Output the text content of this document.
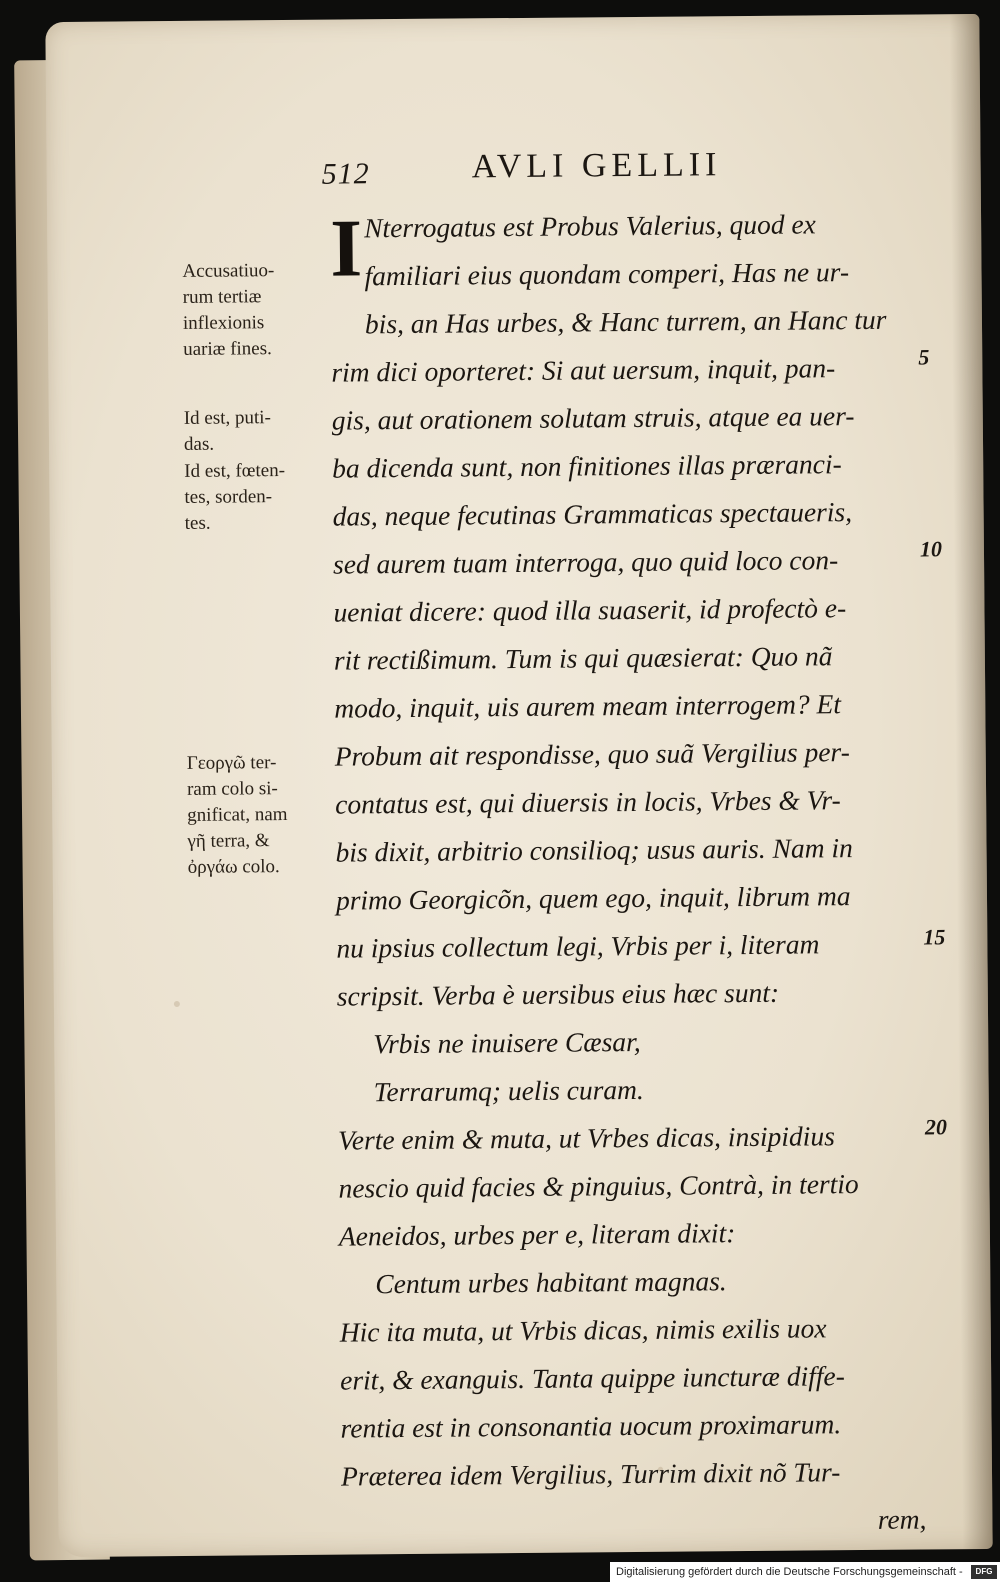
512	AVLI GELLII
Accusatiuo-
rum tertiæ
inflexionis
uariæ fines.
Id est, puti-
das.
Id est, fœten-
tes, sorden-
tes.
Γεοργῶ ter-
ram colo si-
gnificat, nam
γῆ terra, &
ὀργάω colo.
I Nterrogatus est Probus Valerius, quod ex
familiari eius quondam comperi, Has ne ur-
bis, an Has urbes, & Hanc turrem, an Hanc tur
rim dici oporteret: Si aut uersum, inquit, pan-
gis, aut orationem solutam struis, atque ea uer-
ba dicenda sunt, non finitiones illas præranci-
das, neque fecutinas Grammaticas spectaueris,
sed aurem tuam interroga, quo quid loco con-
ueniat dicere: quod illa suaserit, id profectò e-
rit rectißimum. Tum is qui quæsierat: Quo nã
modo, inquit, uis aurem meam interrogem? Et
Probum ait respondisse, quo suã Vergilius per-
contatus est, qui diuersis in locis, Vrbes & Vr-
bis dixit, arbitrio consilioq; usus auris. Nam in
primo Georgicõn, quem ego, inquit, librum ma
nu ipsius collectum legi, Vrbis per i, literam
scripsit. Verba è uersibus eius hæc sunt:
Vrbis ne inuisere Cæsar,
Terrarumq; uelis curam.
Verte enim & muta, ut Vrbes dicas, insipidius
nescio quid facies & pinguius, Contrà, in tertio
Aeneidos, urbes per e, literam dixit:
Centum urbes habitant magnas.
Hic ita muta, ut Vrbis dicas, nimis exilis uox
erit, & exanguis. Tanta quippe iuncturæ diffe-
rentia est in consonantia uocum proximarum.
Præterea idem Vergilius, Turrim dixit nõ Tur-
rem,
5
10
15
20
Digitalisierung gefördert durch die Deutsche Forschungsgemeinschaft -	DFG
